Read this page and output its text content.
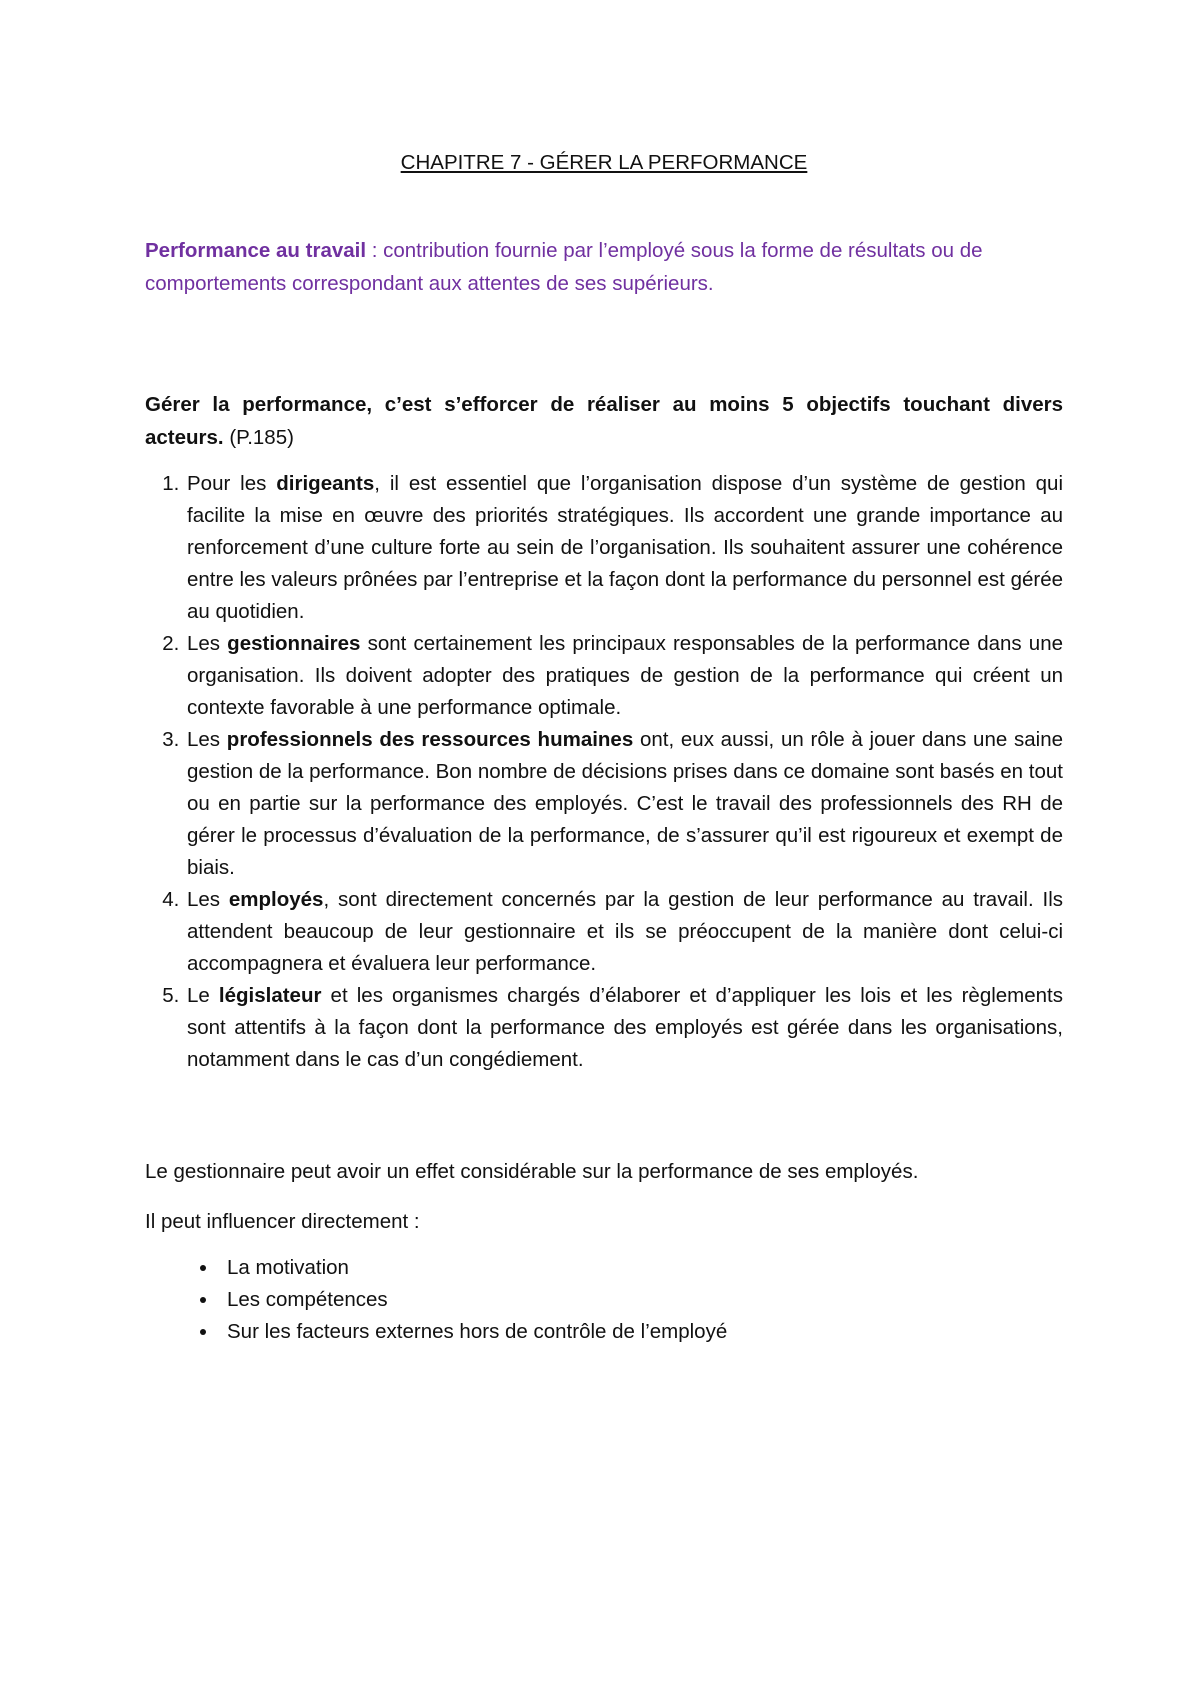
CHAPITRE 7 - GÉRER LA PERFORMANCE

Performance au travail : contribution fournie par l’employé sous la forme de résultats ou de comportements correspondant aux attentes de ses supérieurs.

Gérer la performance, c’est s’efforcer de réaliser au moins 5 objectifs touchant divers acteurs. (P.185)

1. Pour les dirigeants, il est essentiel que l’organisation dispose d’un système de gestion qui facilite la mise en œuvre des priorités stratégiques. Ils accordent une grande importance au renforcement d’une culture forte au sein de l’organisation. Ils souhaitent assurer une cohérence entre les valeurs prônées par l’entreprise et la façon dont la performance du personnel est gérée au quotidien.
2. Les gestionnaires sont certainement les principaux responsables de la performance dans une organisation. Ils doivent adopter des pratiques de gestion de la performance qui créent un contexte favorable à une performance optimale.
3. Les professionnels des ressources humaines ont, eux aussi, un rôle à jouer dans une saine gestion de la performance. Bon nombre de décisions prises dans ce domaine sont basés en tout ou en partie sur la performance des employés. C’est le travail des professionnels des RH de gérer le processus d’évaluation de la performance, de s’assurer qu’il est rigoureux et exempt de biais.
4. Les employés, sont directement concernés par la gestion de leur performance au travail. Ils attendent beaucoup de leur gestionnaire et ils se préoccupent de la manière dont celui-ci accompagnera et évaluera leur performance.
5. Le législateur et les organismes chargés d’élaborer et d’appliquer les lois et les règlements sont attentifs à la façon dont la performance des employés est gérée dans les organisations, notamment dans le cas d’un congédiement.

Le gestionnaire peut avoir un effet considérable sur la performance de ses employés.

Il peut influencer directement :

• La motivation
• Les compétences
• Sur les facteurs externes hors de contrôle de l’employé
